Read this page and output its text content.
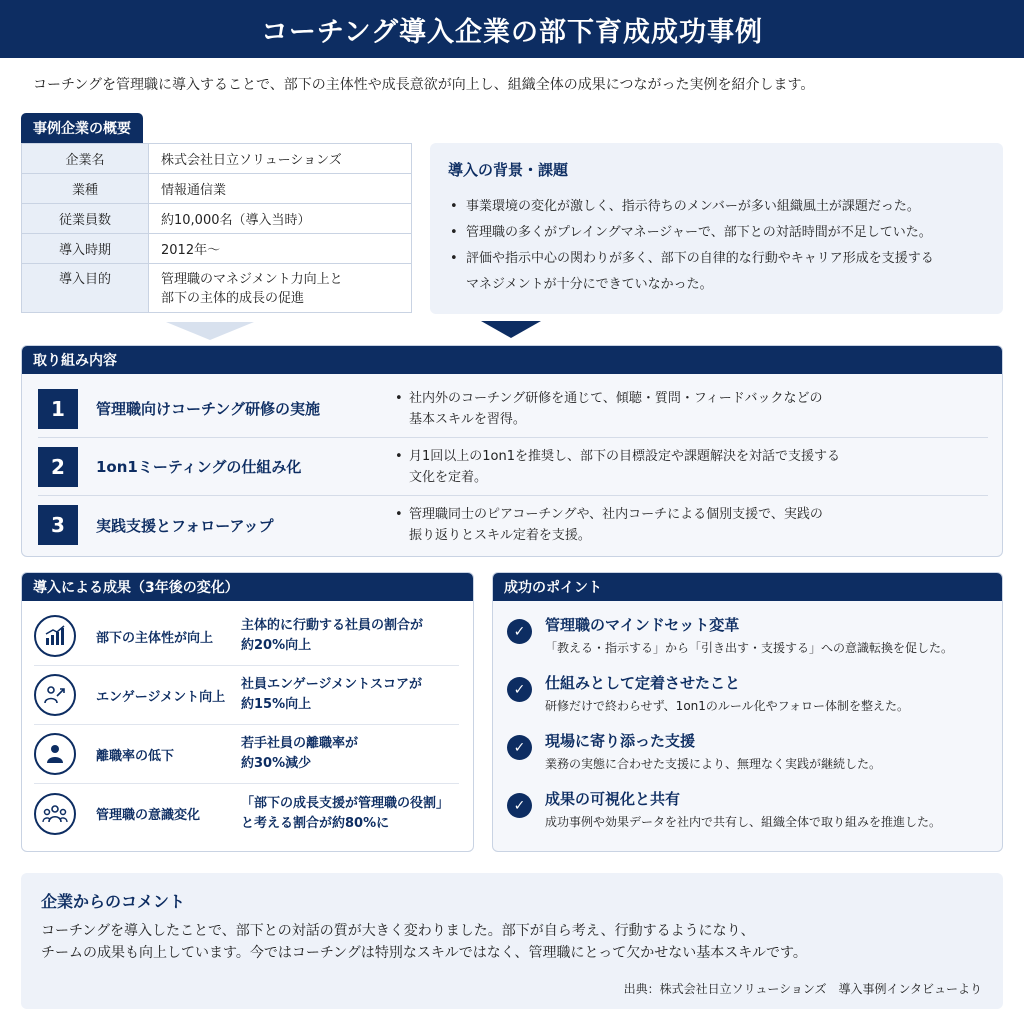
コーチング導入企業の部下育成成功事例

コーチングを管理職に導入することで、部下の主体性や成長意欲が向上し、組織全体の成果につながった実例を紹介します。

事例企業の概要
企業名	株式会社日立ソリューションズ
業種	情報通信業
従業員数	約10,000名（導入当時）
導入時期	2012年〜
導入目的	管理職のマネジメント力向上と
部下の主体的成長の促進
導入の背景・課題
• 事業環境の変化が激しく、指示待ちのメンバーが多い組織風土が課題だった。
• 管理職の多くがプレイングマネージャーで、部下との対話時間が不足していた。
• 評価や指示中心の関わりが多く、部下の自律的な行動やキャリア形成を支援する
マネジメントが十分にできていなかった。
取り組み内容
1	管理職向けコーチング研修の実施
• 社内外のコーチング研修を通じて、傾聴・質問・フィードバックなどの
基本スキルを習得。
2	1on1ミーティングの仕組み化
• 月1回以上の1on1を推奨し、部下の目標設定や課題解決を対話で支援する
文化を定着。
3	実践支援とフォローアップ
• 管理職同士のピアコーチングや、社内コーチによる個別支援で、実践の
振り返りとスキル定着を支援。
導入による成果（3年後の変化）
部下の主体性が向上
主体的に行動する社員の割合が
約20%向上
エンゲージメント向上
社員エンゲージメントスコアが
約15%向上
離職率の低下
若手社員の離職率が
約30%減少
管理職の意識変化
「部下の成長支援が管理職の役割」
と考える割合が約80%に
成功のポイント
✓	管理職のマインドセット変革
「教える・指示する」から「引き出す・支援する」への意識転換を促した。
✓	仕組みとして定着させたこと
研修だけで終わらせず、1on1のルール化やフォロー体制を整えた。
✓	現場に寄り添った支援
業務の実態に合わせた支援により、無理なく実践が継続した。
✓	成果の可視化と共有
成功事例や効果データを社内で共有し、組織全体で取り組みを推進した。
企業からのコメント

コーチングを導入したことで、部下との対話の質が大きく変わりました。部下が自ら考え、行動するようになり、

チームの成果も向上しています。今ではコーチングは特別なスキルではなく、管理職にとって欠かせない基本スキルです。

出典：株式会社日立ソリューションズ　導入事例インタビューより
